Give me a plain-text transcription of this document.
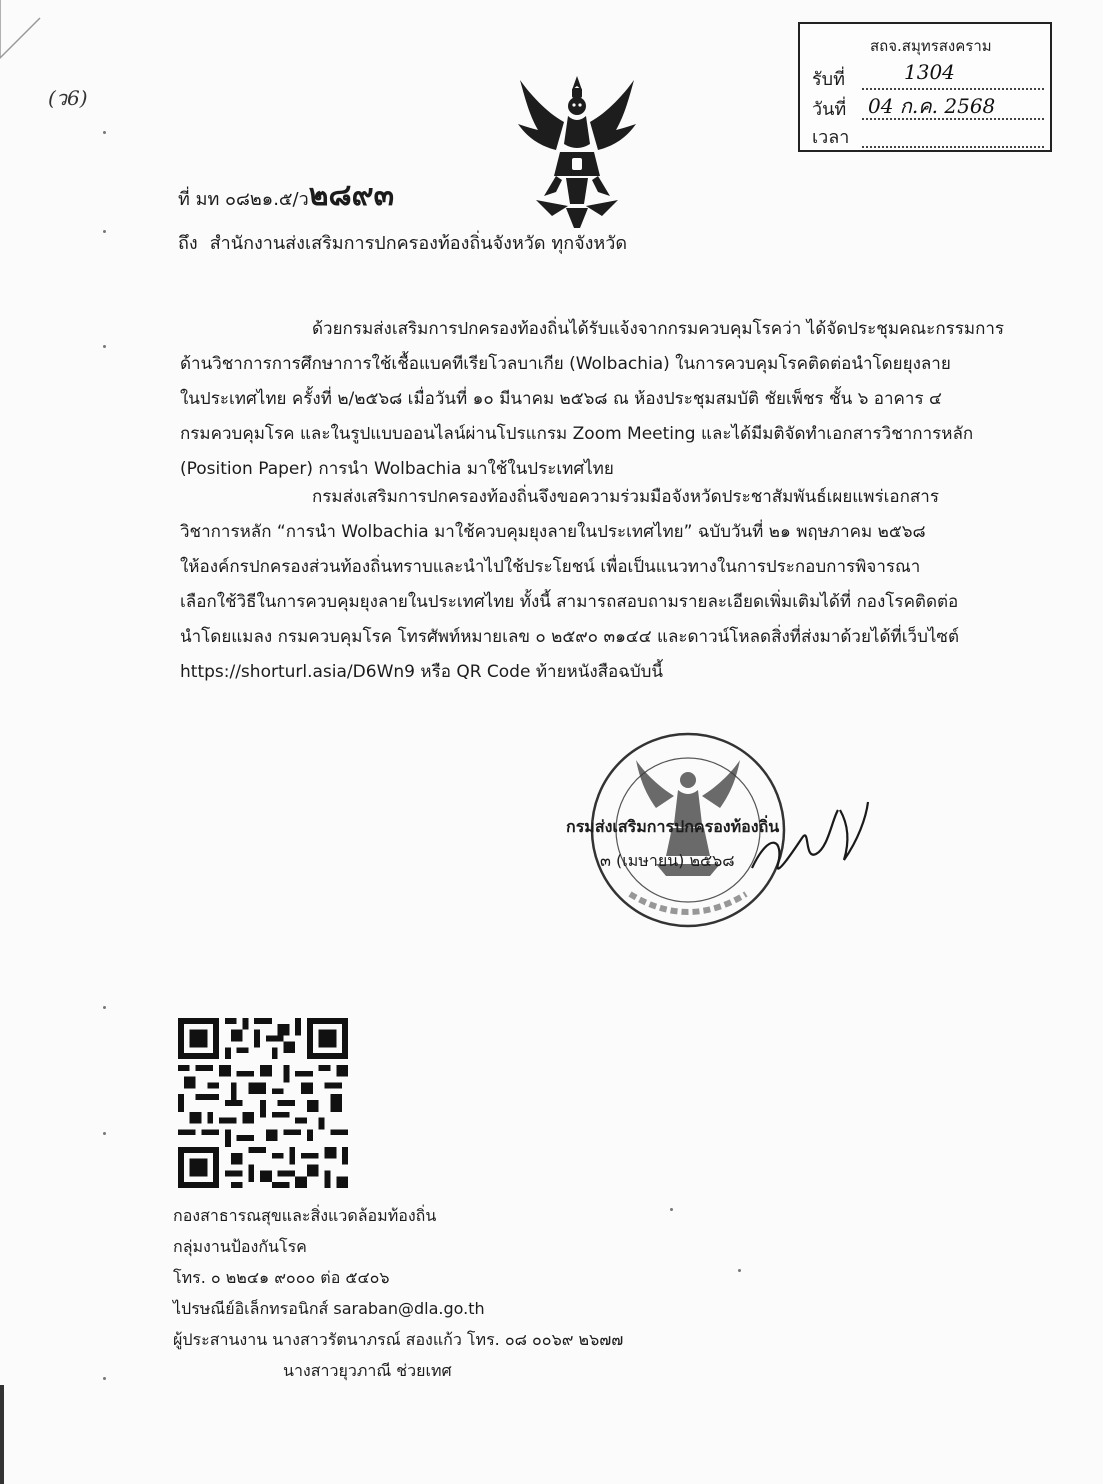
(ว6)
สถจ.สมุทรสงคราม
รับที่	1304
วันที่ 04 ก.ค. 2568
เวลา
ที่ มท ๐๘๒๑.๕/ว๒๘๙๓
ถึง สำนักงานส่งเสริมการปกครองท้องถิ่นจังหวัด ทุกจังหวัด
ด้วยกรมส่งเสริมการปกครองท้องถิ่นได้รับแจ้งจากกรมควบคุมโรคว่า ได้จัดประชุมคณะกรรมการ
ด้านวิชาการการศึกษาการใช้เชื้อแบคทีเรียโวลบาเกีย (Wolbachia) ในการควบคุมโรคติดต่อนำโดยยุงลาย
ในประเทศไทย ครั้งที่ ๒/๒๕๖๘ เมื่อวันที่ ๑๐ มีนาคม ๒๕๖๘ ณ ห้องประชุมสมบัติ ชัยเพ็ชร ชั้น ๖ อาคาร ๔
กรมควบคุมโรค และในรูปแบบออนไลน์ผ่านโปรแกรม Zoom Meeting และได้มีมติจัดทำเอกสารวิชาการหลัก
(Position Paper) การนำ Wolbachia มาใช้ในประเทศไทย
กรมส่งเสริมการปกครองท้องถิ่นจึงขอความร่วมมือจังหวัดประชาสัมพันธ์เผยแพร่เอกสาร
วิชาการหลัก “การนำ Wolbachia มาใช้ควบคุมยุงลายในประเทศไทย” ฉบับวันที่ ๒๑ พฤษภาคม ๒๕๖๘
ให้องค์กรปกครองส่วนท้องถิ่นทราบและนำไปใช้ประโยชน์ เพื่อเป็นแนวทางในการประกอบการพิจารณา
เลือกใช้วิธีในการควบคุมยุงลายในประเทศไทย ทั้งนี้ สามารถสอบถามรายละเอียดเพิ่มเติมได้ที่ กองโรคติดต่อ
นำโดยแมลง กรมควบคุมโรค โทรศัพท์หมายเลข ๐ ๒๕๙๐ ๓๑๔๔ และดาวน์โหลดสิ่งที่ส่งมาด้วยได้ที่เว็บไซต์
https://shorturl.asia/D6Wn9 หรือ QR Code ท้ายหนังสือฉบับนี้
กรมส่งเสริมการปกครองท้องถิ่น
๓ (เมษายน) ๒๕๖๘
กองสาธารณสุขและสิ่งแวดล้อมท้องถิ่น
กลุ่มงานป้องกันโรค
โทร. ๐ ๒๒๔๑ ๙๐๐๐ ต่อ ๕๔๐๖
ไปรษณีย์อิเล็กทรอนิกส์ saraban@dla.go.th
ผู้ประสานงาน นางสาวรัตนาภรณ์ สองแก้ว โทร. ๐๘ ๐๐๖๙ ๒๖๗๗
นางสาวยุวภาณี ช่วยเทศ
